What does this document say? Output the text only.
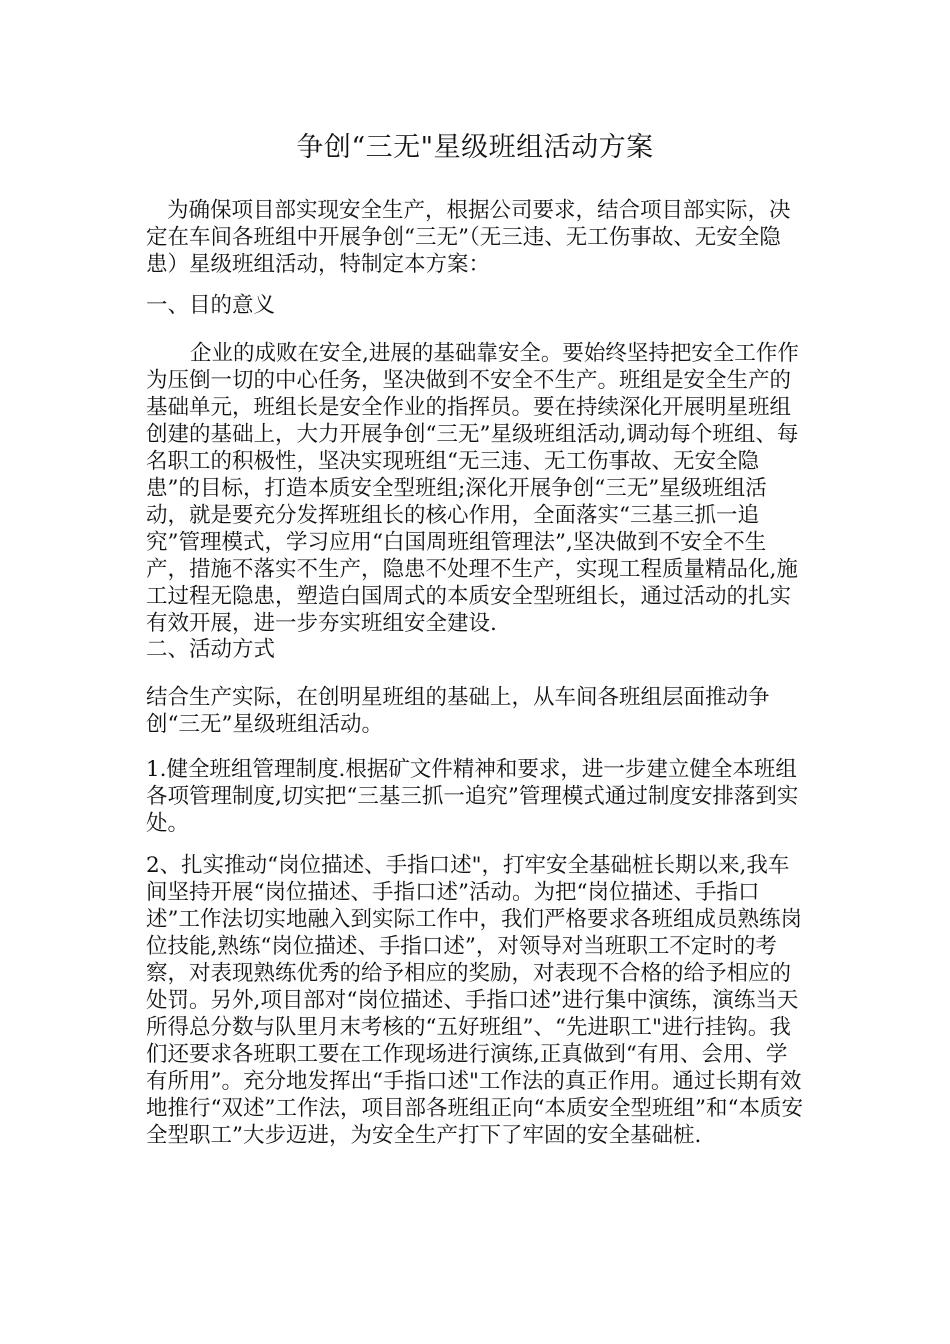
争创“三无"星级班组活动方案

为确保项目部实现安全生产，根据公司要求，结合项目部实际，决定在车间各班组中开展争创“三无”（无三违、无工伤事故、无安全隐患）星级班组活动，特制定本方案：

一、目的意义

企业的成败在安全,进展的基础靠安全。要始终坚持把安全工作作为压倒一切的中心任务，坚决做到不安全不生产。班组是安全生产的基础单元，班组长是安全作业的指挥员。要在持续深化开展明星班组创建的基础上，大力开展争创“三无”星级班组活动,调动每个班组、每名职工的积极性，坚决实现班组“无三违、无工伤事故、无安全隐患”的目标，打造本质安全型班组;深化开展争创“三无”星级班组活动，就是要充分发挥班组长的核心作用，全面落实“三基三抓一追究”管理模式，学习应用“白国周班组管理法”,坚决做到不安全不生产，措施不落实不生产，隐患不处理不生产，实现工程质量精品化,施工过程无隐患，塑造白国周式的本质安全型班组长，通过活动的扎实有效开展，进一步夯实班组安全建设.

二、活动方式

结合生产实际，在创明星班组的基础上，从车间各班组层面推动争创“三无”星级班组活动。

1.健全班组管理制度.根据矿文件精神和要求，进一步建立健全本班组各项管理制度,切实把“三基三抓一追究”管理模式通过制度安排落到实处。

2、扎实推动“岗位描述、手指口述"，打牢安全基础桩长期以来,我车间坚持开展“岗位描述、手指口述”活动。为把“岗位描述、手指口述”工作法切实地融入到实际工作中，我们严格要求各班组成员熟练岗位技能,熟练“岗位描述、手指口述”，对领导对当班职工不定时的考察，对表现熟练优秀的给予相应的奖励，对表现不合格的给予相应的处罚。另外,项目部对“岗位描述、手指口述”进行集中演练，演练当天所得总分数与队里月末考核的“五好班组”、“先进职工"进行挂钩。我们还要求各班职工要在工作现场进行演练,正真做到“有用、会用、学有所用”。充分地发挥出“手指口述"工作法的真正作用。通过长期有效地推行“双述”工作法，项目部各班组正向“本质安全型班组”和“本质安全型职工”大步迈进，为安全生产打下了牢固的安全基础桩.
